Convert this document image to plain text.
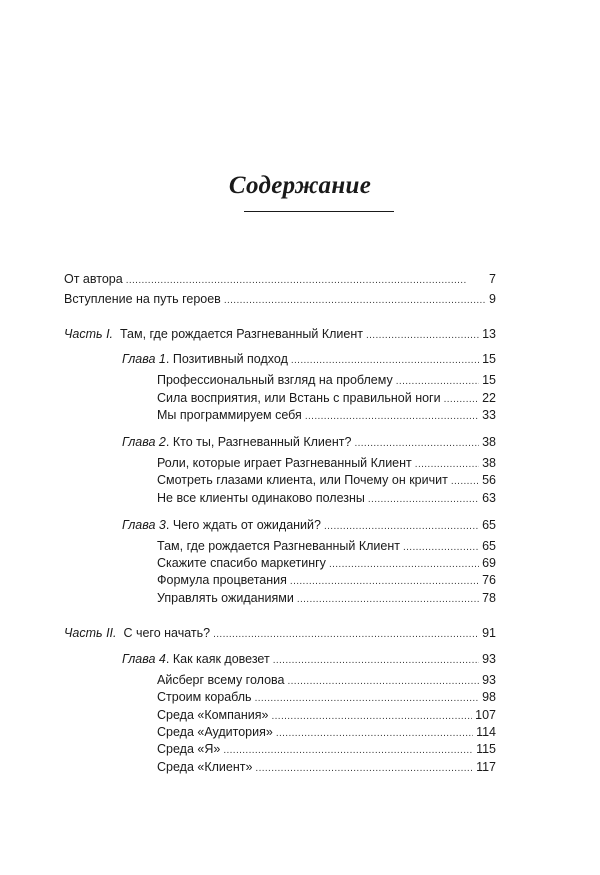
Содержание
От автора . . .	7
Вступление на путь героев . . .	9
Часть I. Там, где рождается Разгневанный Клиент . . .	13
Глава 1. Позитивный подход . . .	15
Профессиональный взгляд на проблему . . .	15
Сила восприятия, или Встань с правильной ноги . . .	22
Мы программируем себя . . .	33
Глава 2. Кто ты, Разгневанный Клиент? . . .	38
Роли, которые играет Разгневанный Клиент . . .	38
Смотреть глазами клиента, или Почему он кричит . . .	56
Не все клиенты одинаково полезны . . .	63
Глава 3. Чего ждать от ожиданий? . . .	65
Там, где рождается Разгневанный Клиент . . .	65
Скажите спасибо маркетингу . . .	69
Формула процветания . . .	76
Управлять ожиданиями . . .	78
Часть II. С чего начать? . . .	91
Глава 4. Как каяк довезет . . .	93
Айсберг всему голова . . .	93
Строим корабль . . .	98
Среда «Компания» . . .	107
Среда «Аудитория» . . .	114
Среда «Я» . . .	115
Среда «Клиент» . . .	117
